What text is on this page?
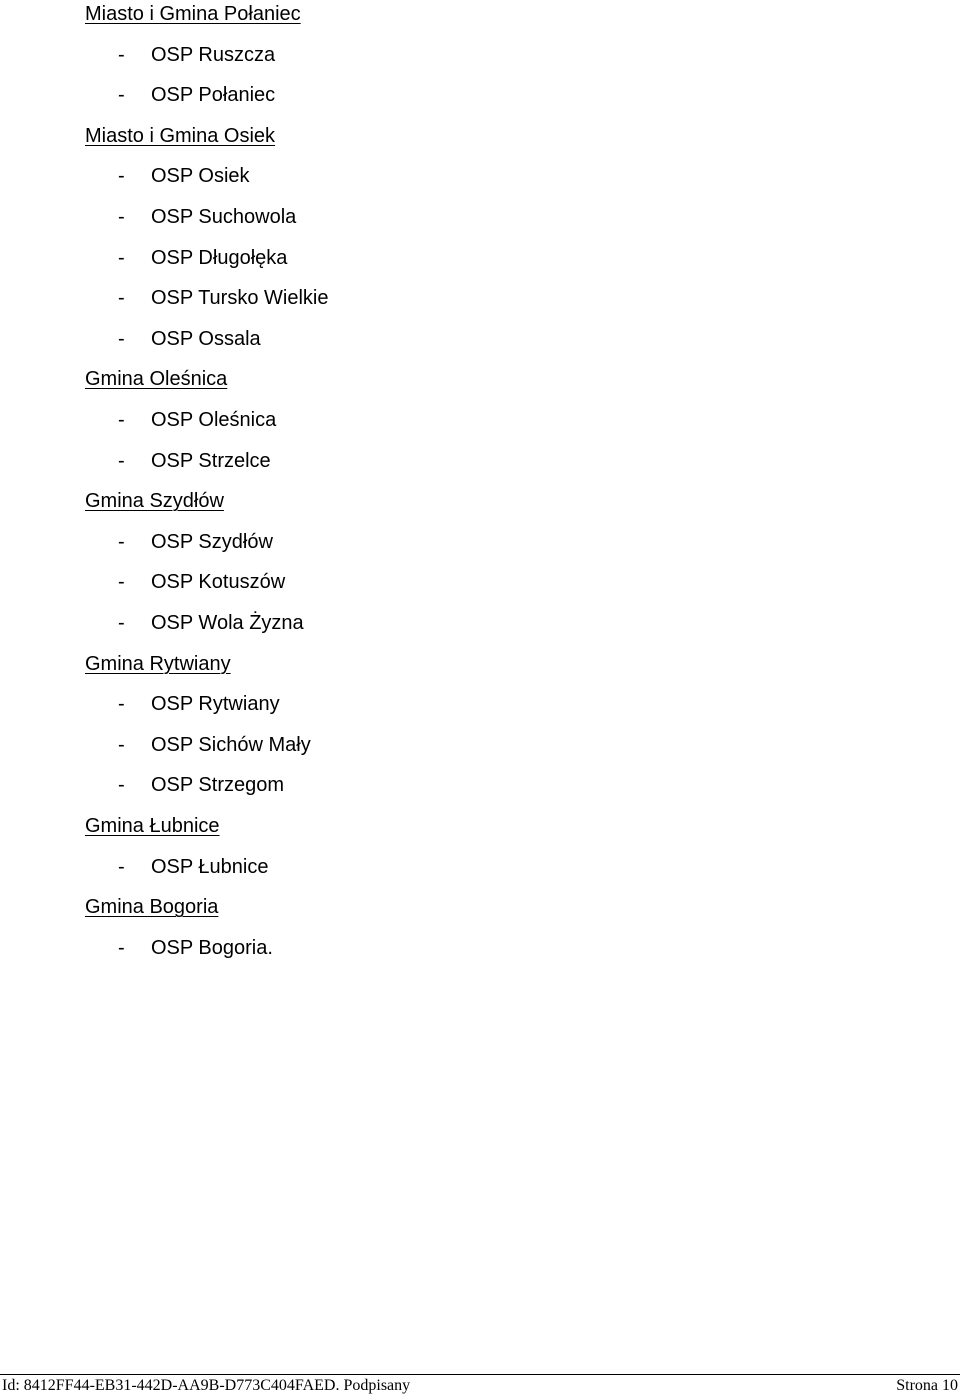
Miasto i Gmina Połaniec
- OSP Ruszcza
- OSP Połaniec
Miasto i Gmina Osiek
- OSP Osiek
- OSP Suchowola
- OSP Długołęka
- OSP Tursko Wielkie
- OSP Ossala
Gmina Oleśnica
- OSP Oleśnica
- OSP Strzelce
Gmina Szydłów
- OSP Szydłów
- OSP Kotuszów
- OSP Wola Żyzna
Gmina Rytwiany
- OSP Rytwiany
- OSP Sichów Mały
- OSP Strzegom
Gmina Łubnice
- OSP Łubnice
Gmina Bogoria
- OSP Bogoria.
Id: 8412FF44-EB31-442D-AA9B-D773C404FAED. Podpisany	Strona 10
